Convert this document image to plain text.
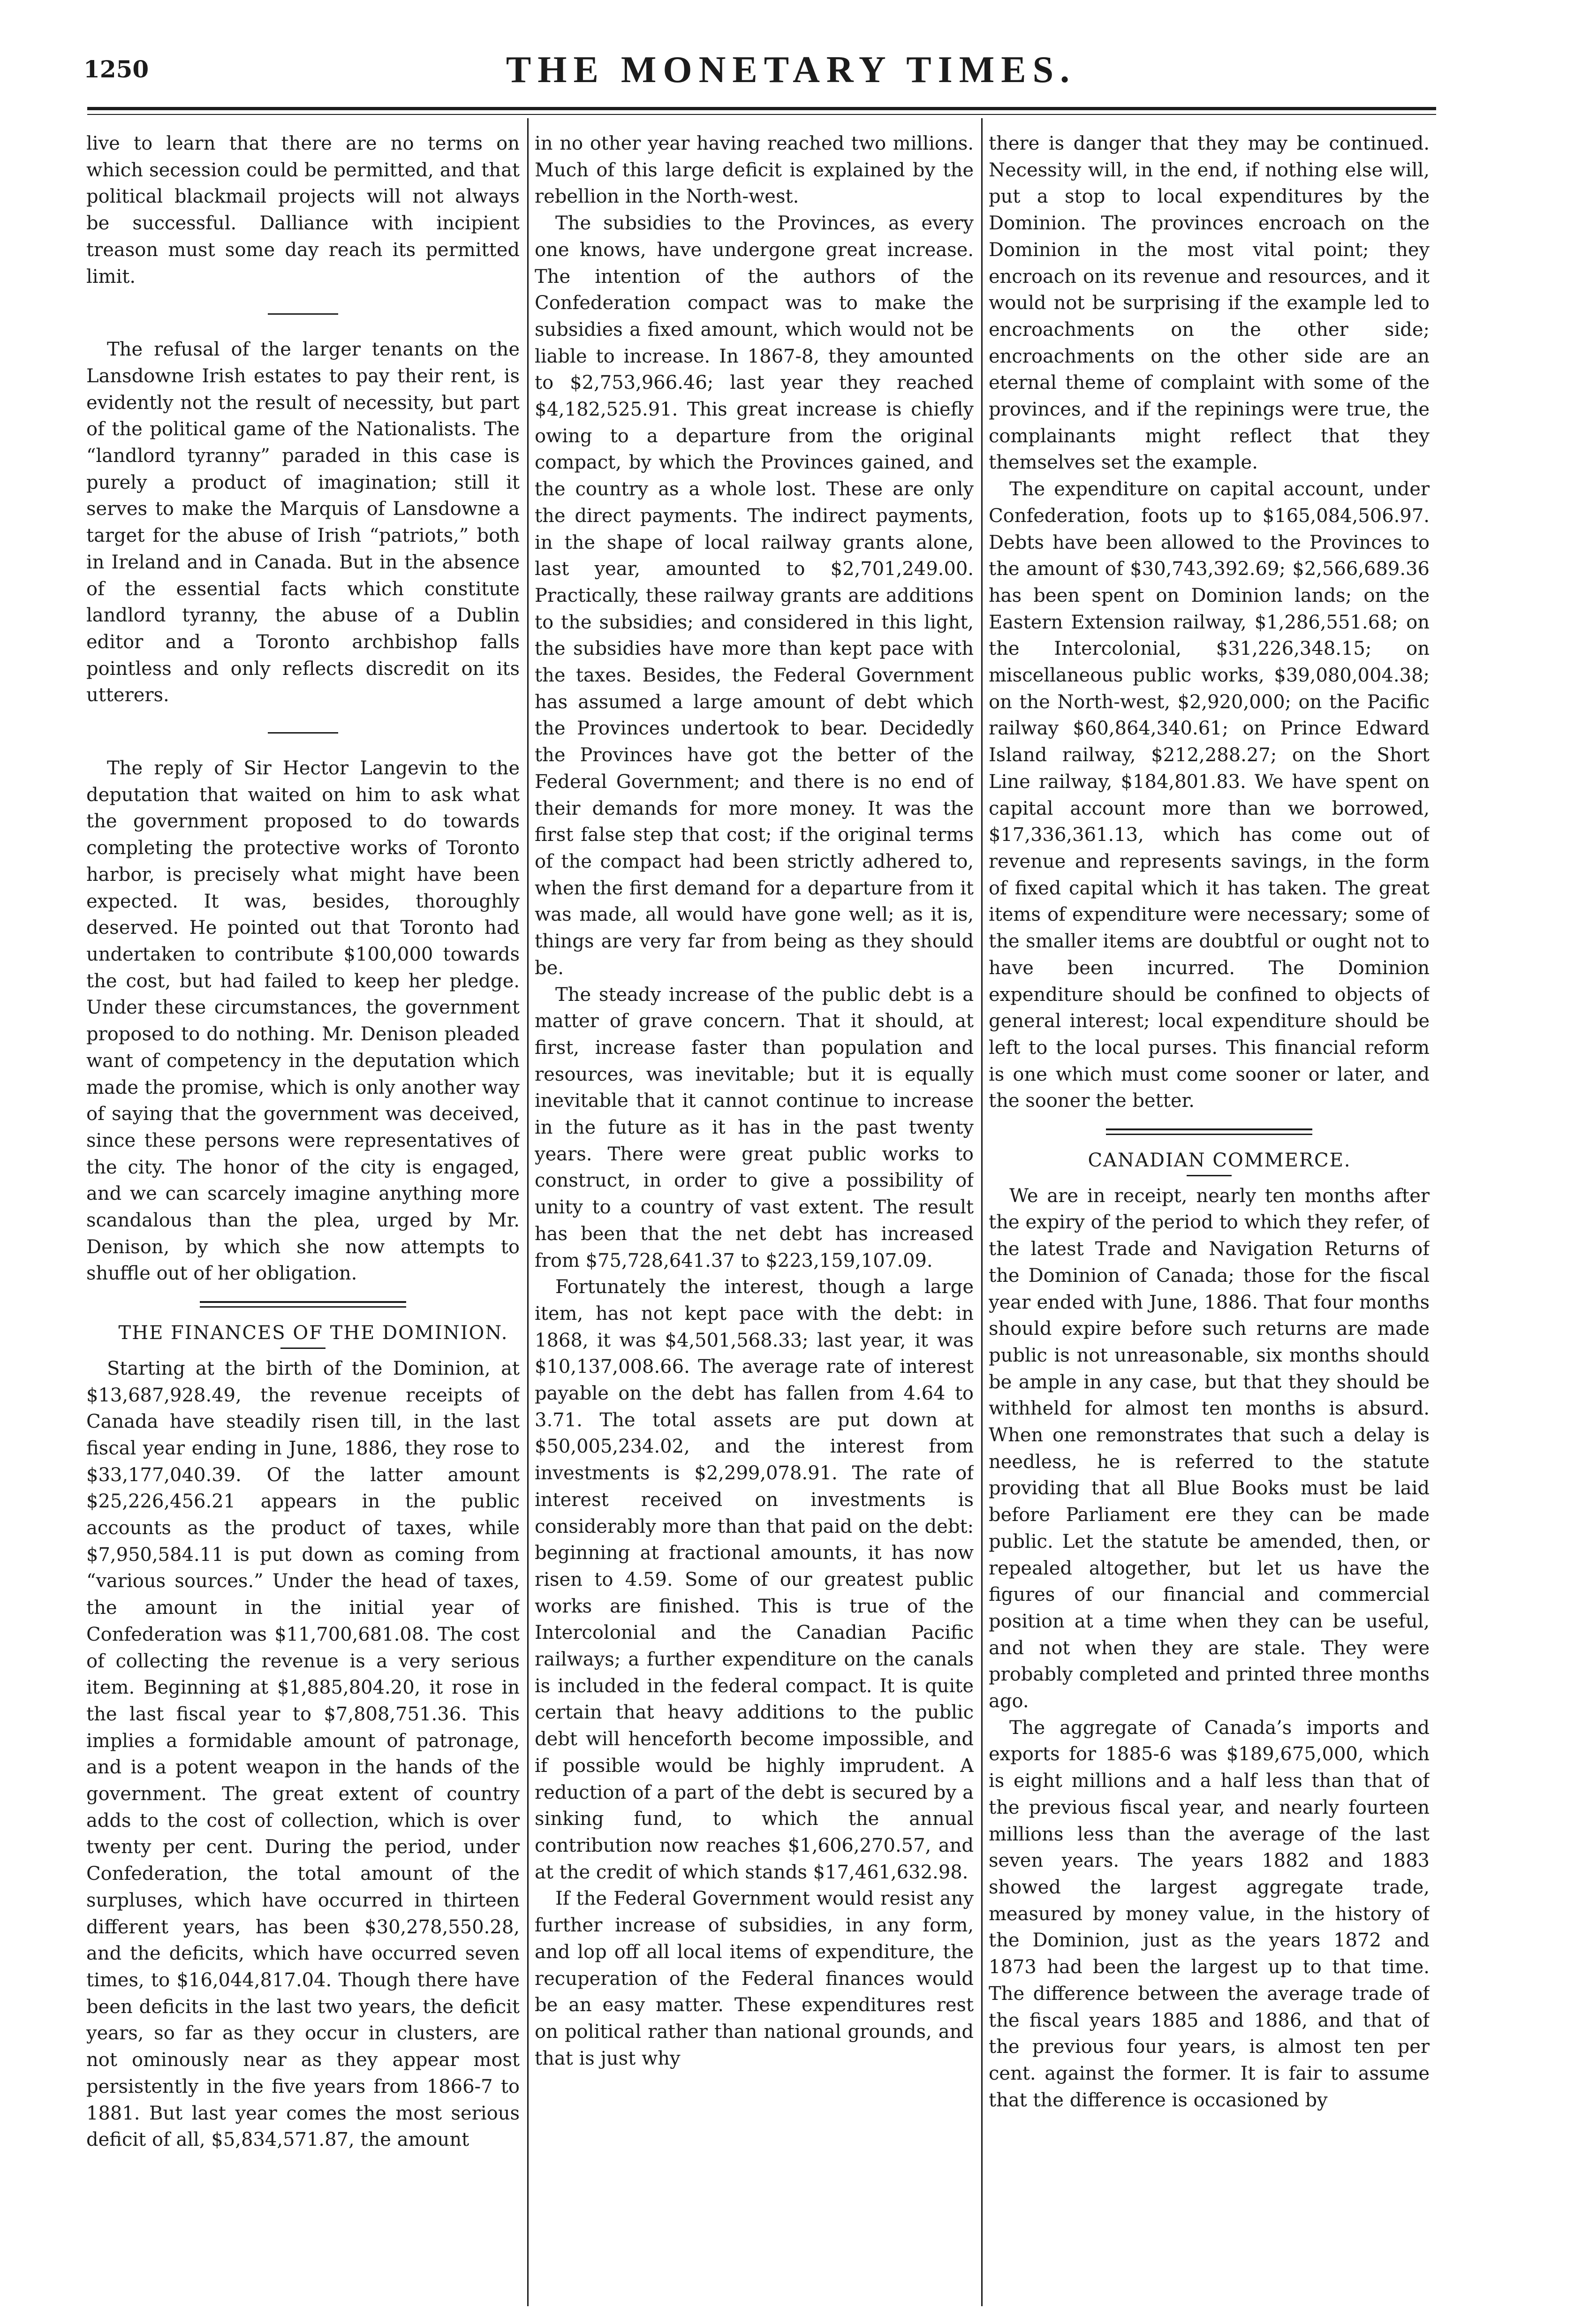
1250	THE MONETARY TIMES.

live to learn that there are no terms on which secession could be permitted, and that political blackmail projects will not always be successful. Dalliance with incipient treason must some day reach its permitted limit.

The refusal of the larger tenants on the Lansdowne Irish estates to pay their rent, is evidently not the result of necessity, but part of the political game of the Nationalists. The “landlord tyranny” paraded in this case is purely a product of imagination; still it serves to make the Marquis of Lansdowne a target for the abuse of Irish “patriots,” both in Ireland and in Canada. But in the absence of the essential facts which constitute landlord tyranny, the abuse of a Dublin editor and a Toronto archbishop falls pointless and only reflects discredit on its utterers.

The reply of Sir Hector Langevin to the deputation that waited on him to ask what the government proposed to do towards completing the protective works of Toronto harbor, is precisely what might have been expected. It was, besides, thoroughly deserved. He pointed out that Toronto had undertaken to contribute $100,000 towards the cost, but had failed to keep her pledge. Under these circumstances, the government proposed to do nothing. Mr. Denison pleaded want of competency in the deputation which made the promise, which is only another way of saying that the government was deceived, since these persons were representatives of the city. The honor of the city is engaged, and we can scarcely imagine anything more scandalous than the plea, urged by Mr. Denison, by which she now attempts to shuffle out of her obligation.

THE FINANCES OF THE DOMINION.

Starting at the birth of the Dominion, at $13,687,928.49, the revenue receipts of Canada have steadily risen till, in the last fiscal year ending in June, 1886, they rose to $33,177,040.39. Of the latter amount $25,226,456.21 appears in the public accounts as the product of taxes, while $7,950,584.11 is put down as coming from “various sources.” Under the head of taxes, the amount in the initial year of Confederation was $11,700,681.08. The cost of collecting the revenue is a very serious item. Beginning at $1,885,804.20, it rose in the last fiscal year to $7,808,751.36. This implies a formidable amount of patronage, and is a potent weapon in the hands of the government. The great extent of country adds to the cost of collection, which is over twenty per cent. During the period, under Confederation, the total amount of the surpluses, which have occurred in thirteen different years, has been $30,278,550.28, and the deficits, which have occurred seven times, to $16,044,817.04. Though there have been deficits in the last two years, the deficit years, so far as they occur in clusters, are not ominously near as they appear most persistently in the five years from 1866-7 to 1881. But last year comes the most serious deficit of all, $5,834,571.87, the amount

in no other year having reached two millions. Much of this large deficit is explained by the rebellion in the North-west.

The subsidies to the Provinces, as every one knows, have undergone great increase. The intention of the authors of the Confederation compact was to make the subsidies a fixed amount, which would not be liable to increase. In 1867-8, they amounted to $2,753,966.46; last year they reached $4,182,525.91. This great increase is chiefly owing to a departure from the original compact, by which the Provinces gained, and the country as a whole lost. These are only the direct payments. The indirect payments, in the shape of local railway grants alone, last year, amounted to $2,701,249.00. Practically, these railway grants are additions to the subsidies; and considered in this light, the subsidies have more than kept pace with the taxes. Besides, the Federal Government has assumed a large amount of debt which the Provinces undertook to bear. Decidedly the Provinces have got the better of the Federal Government; and there is no end of their demands for more money. It was the first false step that cost; if the original terms of the compact had been strictly adhered to, when the first demand for a departure from it was made, all would have gone well; as it is, things are very far from being as they should be.

The steady increase of the public debt is a matter of grave concern. That it should, at first, increase faster than population and resources, was inevitable; but it is equally inevitable that it cannot continue to increase in the future as it has in the past twenty years. There were great public works to construct, in order to give a possibility of unity to a country of vast extent. The result has been that the net debt has increased from $75,728,641.37 to $223,159,107.09.

Fortunately the interest, though a large item, has not kept pace with the debt: in 1868, it was $4,501,568.33; last year, it was $10,137,008.66. The average rate of interest payable on the debt has fallen from 4.64 to 3.71. The total assets are put down at $50,005,234.02, and the interest from investments is $2,299,078.91. The rate of interest received on investments is considerably more than that paid on the debt: beginning at fractional amounts, it has now risen to 4.59. Some of our greatest public works are finished. This is true of the Intercolonial and the Canadian Pacific railways; a further expenditure on the canals is included in the federal compact. It is quite certain that heavy additions to the public debt will henceforth become impossible, and if possible would be highly imprudent. A reduction of a part of the debt is secured by a sinking fund, to which the annual contribution now reaches $1,606,270.57, and at the credit of which stands $17,461,632.98.

If the Federal Government would resist any further increase of subsidies, in any form, and lop off all local items of expenditure, the recuperation of the Federal finances would be an easy matter. These expenditures rest on political rather than national grounds, and that is just why

there is danger that they may be continued. Necessity will, in the end, if nothing else will, put a stop to local expenditures by the Dominion. The provinces encroach on the Dominion in the most vital point; they encroach on its revenue and resources, and it would not be surprising if the example led to encroachments on the other side; encroachments on the other side are an eternal theme of complaint with some of the provinces, and if the repinings were true, the complainants might reflect that they themselves set the example.

The expenditure on capital account, under Confederation, foots up to $165,084,506.97. Debts have been allowed to the Provinces to the amount of $30,743,392.69; $2,566,689.36 has been spent on Dominion lands; on the Eastern Extension railway, $1,286,551.68; on the Intercolonial, $31,226,348.15; on miscellaneous public works, $39,080,004.38; on the North-west, $2,920,000; on the Pacific railway $60,864,340.61; on Prince Edward Island railway, $212,288.27; on the Short Line railway, $184,801.83. We have spent on capital account more than we borrowed, $17,336,361.13, which has come out of revenue and represents savings, in the form of fixed capital which it has taken. The great items of expenditure were necessary; some of the smaller items are doubtful or ought not to have been incurred. The Dominion expenditure should be confined to objects of general interest; local expenditure should be left to the local purses. This financial reform is one which must come sooner or later, and the sooner the better.

CANADIAN COMMERCE.

We are in receipt, nearly ten months after the expiry of the period to which they refer, of the latest Trade and Navigation Returns of the Dominion of Canada; those for the fiscal year ended with June, 1886. That four months should expire before such returns are made public is not unreasonable, six months should be ample in any case, but that they should be withheld for almost ten months is absurd. When one remonstrates that such a delay is needless, he is referred to the statute providing that all Blue Books must be laid before Parliament ere they can be made public. Let the statute be amended, then, or repealed altogether, but let us have the figures of our financial and commercial position at a time when they can be useful, and not when they are stale. They were probably completed and printed three months ago.

The aggregate of Canada’s imports and exports for 1885-6 was $189,675,000, which is eight millions and a half less than that of the previous fiscal year, and nearly fourteen millions less than the average of the last seven years. The years 1882 and 1883 showed the largest aggregate trade, measured by money value, in the history of the Dominion, just as the years 1872 and 1873 had been the largest up to that time. The difference between the average trade of the fiscal years 1885 and 1886, and that of the previous four years, is almost ten per cent. against the former. It is fair to assume that the difference is occasioned by
